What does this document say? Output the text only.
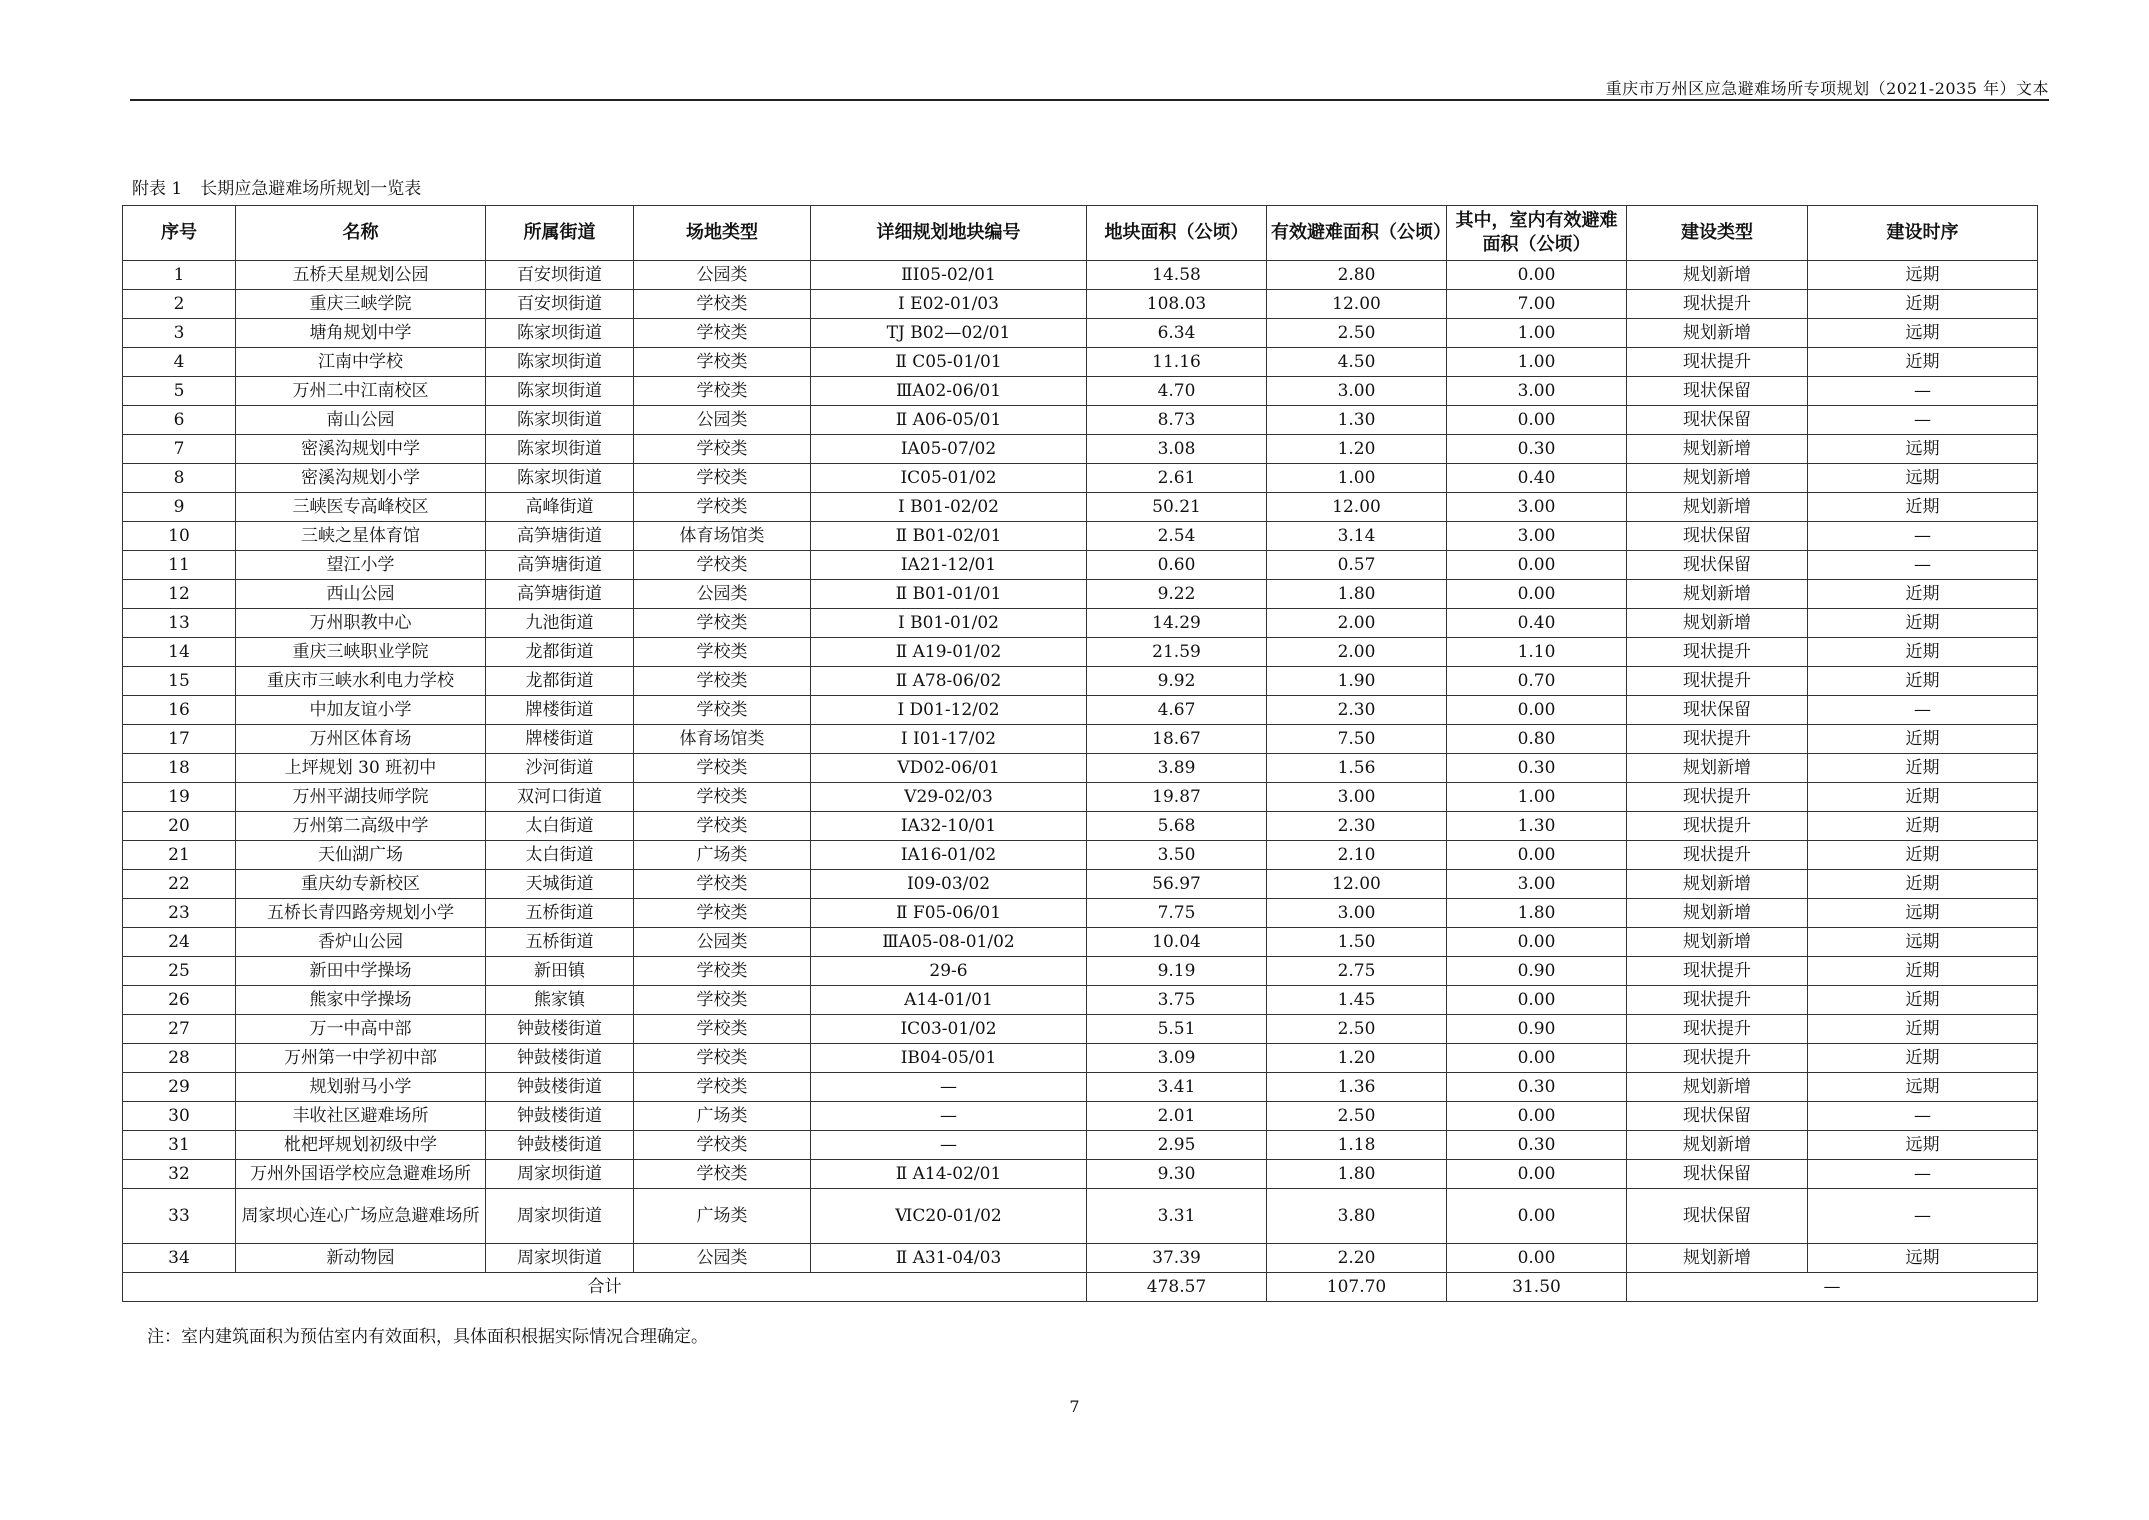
重庆市万州区应急避难场所专项规划（2021-2035 年）文本
附表 1 长期应急避难场所规划一览表
序号	名称	所属街道	场地类型	详细规划地块编号	地块面积（公顷）	有效避难面积（公顷）	其中，室内有效避难面积（公顷）	建设类型	建设时序
1	五桥天星规划公园	百安坝街道	公园类	ⅡI05-02/01	14.58	2.80	0.00	规划新增	远期
2	重庆三峡学院	百安坝街道	学校类	Ⅰ E02-01/03	108.03	12.00	7.00	现状提升	近期
3	塘角规划中学	陈家坝街道	学校类	TJ B02—02/01	6.34	2.50	1.00	规划新增	远期
4	江南中学校	陈家坝街道	学校类	Ⅱ C05-01/01	11.16	4.50	1.00	现状提升	近期
5	万州二中江南校区	陈家坝街道	学校类	ⅢA02-06/01	4.70	3.00	3.00	现状保留	—
6	南山公园	陈家坝街道	公园类	Ⅱ A06-05/01	8.73	1.30	0.00	现状保留	—
7	密溪沟规划中学	陈家坝街道	学校类	IA05-07/02	3.08	1.20	0.30	规划新增	远期
8	密溪沟规划小学	陈家坝街道	学校类	IC05-01/02	2.61	1.00	0.40	规划新增	远期
9	三峡医专高峰校区	高峰街道	学校类	Ⅰ B01-02/02	50.21	12.00	3.00	规划新增	近期
10	三峡之星体育馆	高笋塘街道	体育场馆类	Ⅱ B01-02/01	2.54	3.14	3.00	现状保留	—
11	望江小学	高笋塘街道	学校类	IA21-12/01	0.60	0.57	0.00	现状保留	—
12	西山公园	高笋塘街道	公园类	Ⅱ B01-01/01	9.22	1.80	0.00	规划新增	近期
13	万州职教中心	九池街道	学校类	Ⅰ B01-01/02	14.29	2.00	0.40	规划新增	近期
14	重庆三峡职业学院	龙都街道	学校类	Ⅱ A19-01/02	21.59	2.00	1.10	现状提升	近期
15	重庆市三峡水利电力学校	龙都街道	学校类	Ⅱ A78-06/02	9.92	1.90	0.70	现状提升	近期
16	中加友谊小学	牌楼街道	学校类	Ⅰ D01-12/02	4.67	2.30	0.00	现状保留	—
17	万州区体育场	牌楼街道	体育场馆类	Ⅰ I01-17/02	18.67	7.50	0.80	现状提升	近期
18	上坪规划 30 班初中	沙河街道	学校类	VD02-06/01	3.89	1.56	0.30	规划新增	近期
19	万州平湖技师学院	双河口街道	学校类	Ⅴ29-02/03	19.87	3.00	1.00	现状提升	近期
20	万州第二高级中学	太白街道	学校类	IA32-10/01	5.68	2.30	1.30	现状提升	近期
21	天仙湖广场	太白街道	广场类	IA16-01/02	3.50	2.10	0.00	现状提升	近期
22	重庆幼专新校区	天城街道	学校类	I09-03/02	56.97	12.00	3.00	规划新增	近期
23	五桥长青四路旁规划小学	五桥街道	学校类	Ⅱ F05-06/01	7.75	3.00	1.80	规划新增	远期
24	香炉山公园	五桥街道	公园类	ⅢA05-08-01/02	10.04	1.50	0.00	规划新增	远期
25	新田中学操场	新田镇	学校类	29-6	9.19	2.75	0.90	现状提升	近期
26	熊家中学操场	熊家镇	学校类	A14-01/01	3.75	1.45	0.00	现状提升	近期
27	万一中高中部	钟鼓楼街道	学校类	IC03-01/02	5.51	2.50	0.90	现状提升	近期
28	万州第一中学初中部	钟鼓楼街道	学校类	IB04-05/01	3.09	1.20	0.00	现状提升	近期
29	规划驸马小学	钟鼓楼街道	学校类	—	3.41	1.36	0.30	规划新增	远期
30	丰收社区避难场所	钟鼓楼街道	广场类	—	2.01	2.50	0.00	现状保留	—
31	枇杷坪规划初级中学	钟鼓楼街道	学校类	—	2.95	1.18	0.30	规划新增	远期
32	万州外国语学校应急避难场所	周家坝街道	学校类	Ⅱ A14-02/01	9.30	1.80	0.00	现状保留	—
33	周家坝心连心广场应急避难场所	周家坝街道	广场类	ⅥC20-01/02	3.31	3.80	0.00	现状保留	—
34	新动物园	周家坝街道	公园类	Ⅱ A31-04/03	37.39	2.20	0.00	规划新增	远期
合计					478.57	107.70	31.50	—	
注：室内建筑面积为预估室内有效面积，具体面积根据实际情况合理确定。
7
